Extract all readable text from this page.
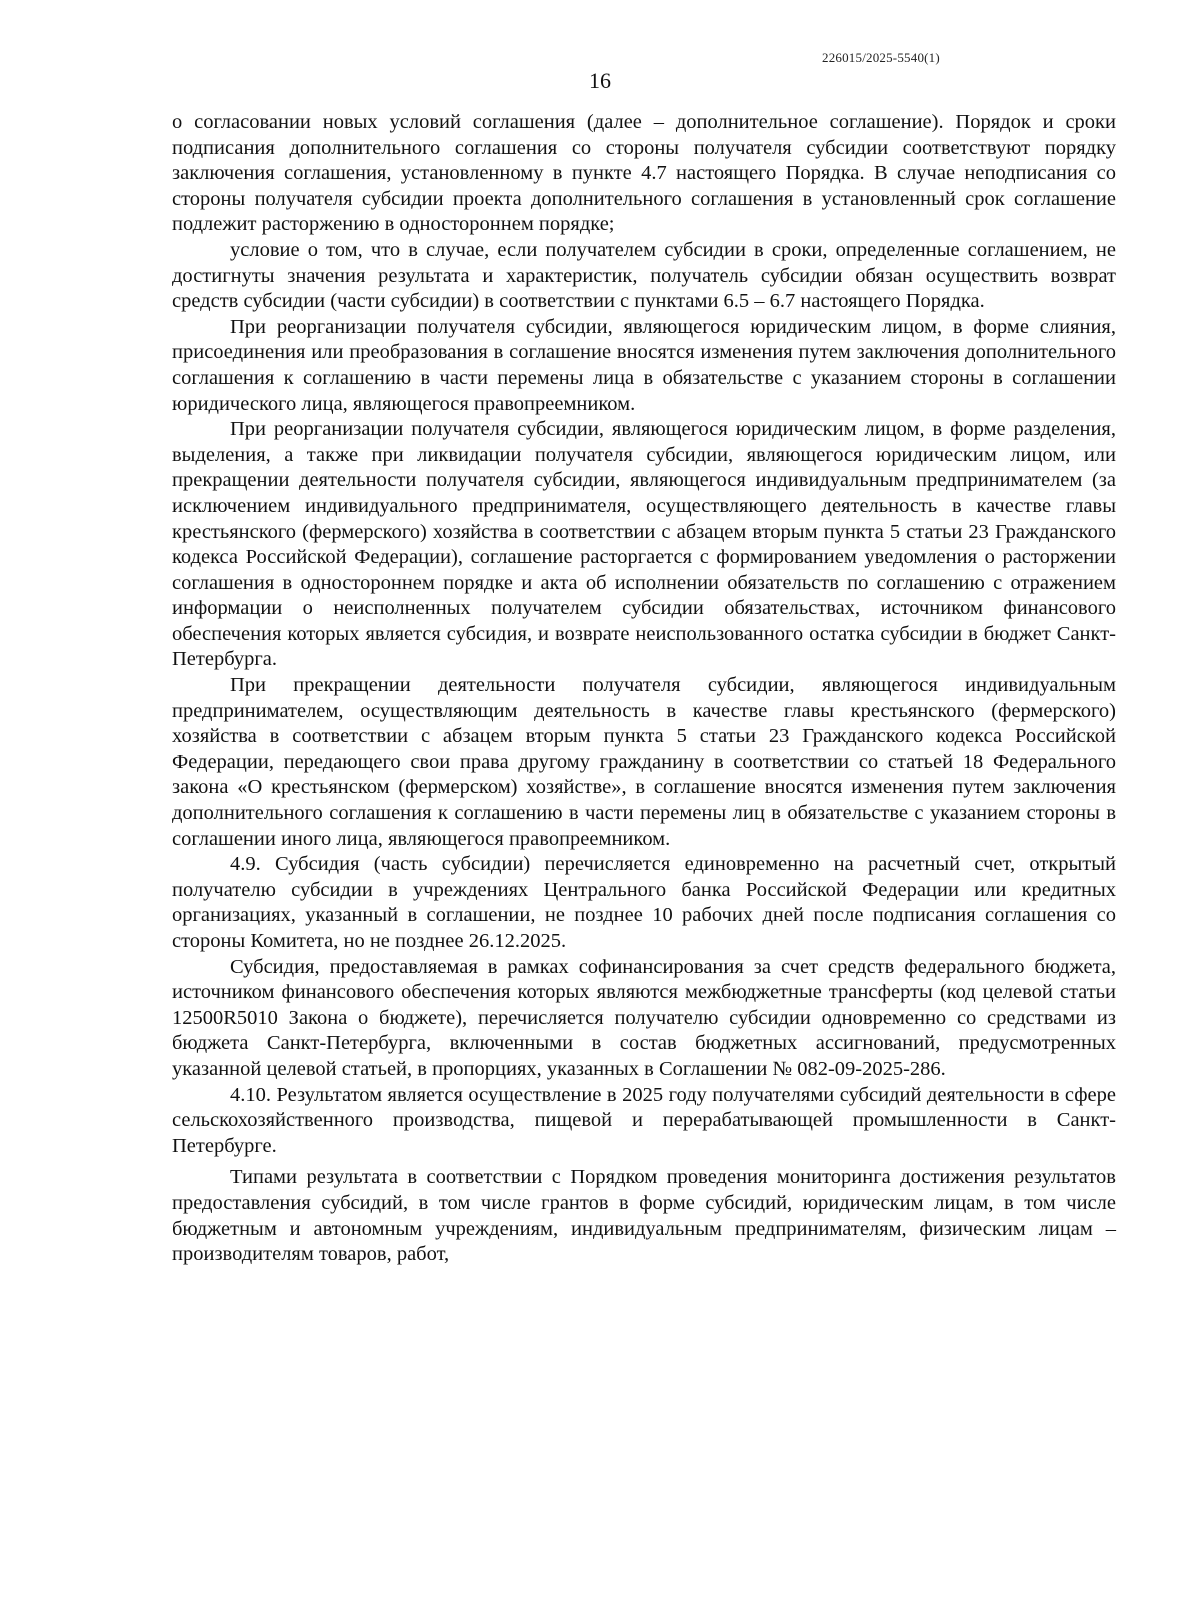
226015/2025-5540(1)
16

о согласовании новых условий соглашения (далее – дополнительное соглашение). Порядок и сроки подписания дополнительного соглашения со стороны получателя субсидии соответствуют порядку заключения соглашения, установленному в пункте 4.7 настоящего Порядка. В случае неподписания со стороны получателя субсидии проекта дополнительного соглашения в установленный срок соглашение подлежит расторжению в одностороннем порядке;

условие о том, что в случае, если получателем субсидии в сроки, определенные соглашением, не достигнуты значения результата и характеристик, получатель субсидии обязан осуществить возврат средств субсидии (части субсидии) в соответствии с пунктами 6.5 – 6.7 настоящего Порядка.

При реорганизации получателя субсидии, являющегося юридическим лицом, в форме слияния, присоединения или преобразования в соглашение вносятся изменения путем заключения дополнительного соглашения к соглашению в части перемены лица в обязательстве с указанием стороны в соглашении юридического лица, являющегося правопреемником.

При реорганизации получателя субсидии, являющегося юридическим лицом, в форме разделения, выделения, а также при ликвидации получателя субсидии, являющегося юридическим лицом, или прекращении деятельности получателя субсидии, являющегося индивидуальным предпринимателем (за исключением индивидуального предпринимателя, осуществляющего деятельность в качестве главы крестьянского (фермерского) хозяйства в соответствии с абзацем вторым пункта 5 статьи 23 Гражданского кодекса Российской Федерации), соглашение расторгается с формированием уведомления о расторжении соглашения в одностороннем порядке и акта об исполнении обязательств по соглашению с отражением информации о неисполненных получателем субсидии обязательствах, источником финансового обеспечения которых является субсидия, и возврате неиспользованного остатка субсидии в бюджет Санкт-Петербурга.

При прекращении деятельности получателя субсидии, являющегося индивидуальным предпринимателем, осуществляющим деятельность в качестве главы крестьянского (фермерского) хозяйства в соответствии с абзацем вторым пункта 5 статьи 23 Гражданского кодекса Российской Федерации, передающего свои права другому гражданину в соответствии со статьей 18 Федерального закона «О крестьянском (фермерском) хозяйстве», в соглашение вносятся изменения путем заключения дополнительного соглашения к соглашению в части перемены лиц в обязательстве с указанием стороны в соглашении иного лица, являющегося правопреемником.

4.9. Субсидия (часть субсидии) перечисляется единовременно на расчетный счет, открытый получателю субсидии в учреждениях Центрального банка Российской Федерации или кредитных организациях, указанный в соглашении, не позднее 10 рабочих дней после подписания соглашения со стороны Комитета, но не позднее 26.12.2025.

Субсидия, предоставляемая в рамках софинансирования за счет средств федерального бюджета, источником финансового обеспечения которых являются межбюджетные трансферты (код целевой статьи 12500R5010 Закона о бюджете), перечисляется получателю субсидии одновременно со средствами из бюджета Санкт-Петербурга, включенными в состав бюджетных ассигнований, предусмотренных указанной целевой статьей, в пропорциях, указанных в Соглашении № 082-09-2025-286.

4.10. Результатом является осуществление в 2025 году получателями субсидий деятельности в сфере сельскохозяйственного производства, пищевой и перерабатывающей промышленности в Санкт-Петербурге.

Типами результата в соответствии с Порядком проведения мониторинга достижения результатов предоставления субсидий, в том числе грантов в форме субсидий, юридическим лицам, в том числе бюджетным и автономным учреждениям, индивидуальным предпринимателям, физическим лицам – производителям товаров, работ,
